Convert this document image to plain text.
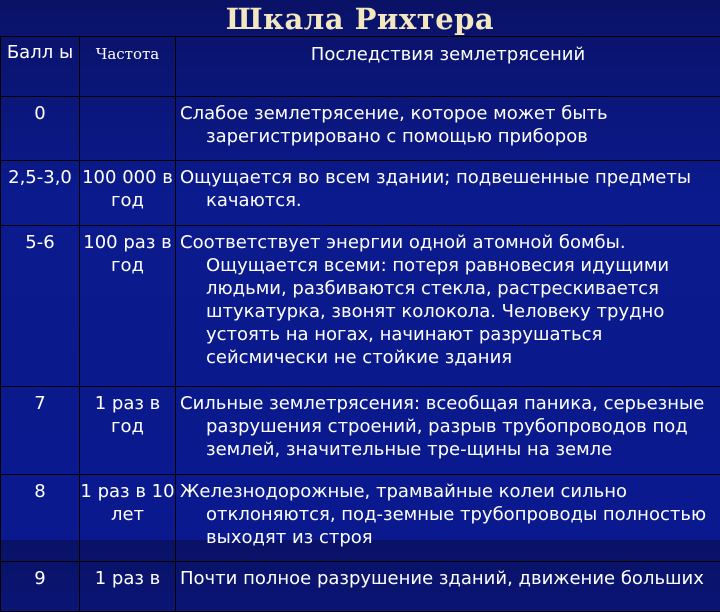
Шкала Рихтера
Балл ы	Частота	Последствия землетрясений
0		Слабое землетрясение, которое может быть зарегистрировано с помощью приборов

2,5-3,0	100 000 в год	Ощущается во всем здании; подвешенные предметы качаются.

5-6	100 раз в год	Соответствует энергии одной атомной бомбы. Ощущается всеми: потеря равновесия идущими людьми, разбиваются стекла, растрескивается штукатурка, звонят колокола. Человеку трудно устоять на ногах, начинают разрушаться сейсмически не стойкие здания

7	1 раз в год	Сильные землетрясения: всеобщая паника, серьезные разрушения строений, разрыв трубопроводов под землей, значительные тре-щины на земле

8	1 раз в 10 лет	Железнодорожные, трамвайные колеи сильно отклоняются, под-земные трубопроводы полностью выходят из строя

9	1 раз в	Почти полное разрушение зданий, движение больших
